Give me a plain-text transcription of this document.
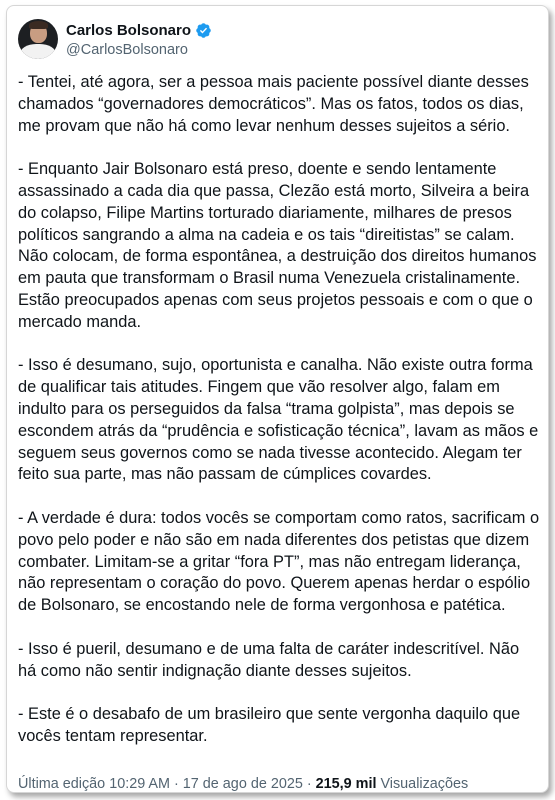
Carlos Bolsonaro
@CarlosBolsonaro

- Tentei, até agora, ser a pessoa mais paciente possível diante desses chamados “governadores democráticos”. Mas os fatos, todos os dias, me provam que não há como levar nenhum desses sujeitos a sério.

- Enquanto Jair Bolsonaro está preso, doente e sendo lentamente assassinado a cada dia que passa, Clezão está morto, Silveira a beira do colapso, Filipe Martins torturado diariamente, milhares de presos políticos sangrando a alma na cadeia e os tais “direitistas” se calam. Não colocam, de forma espontânea, a destruição dos direitos humanos em pauta que transformam o Brasil numa Venezuela cristalinamente. Estão preocupados apenas com seus projetos pessoais e com o que o mercado manda.

- Isso é desumano, sujo, oportunista e canalha. Não existe outra forma de qualificar tais atitudes. Fingem que vão resolver algo, falam em indulto para os perseguidos da falsa “trama golpista”, mas depois se escondem atrás da “prudência e sofisticação técnica”, lavam as mãos e seguem seus governos como se nada tivesse acontecido. Alegam ter feito sua parte, mas não passam de cúmplices covardes.

- A verdade é dura: todos vocês se comportam como ratos, sacrificam o povo pelo poder e não são em nada diferentes dos petistas que dizem combater. Limitam-se a gritar “fora PT”, mas não entregam liderança, não representam o coração do povo. Querem apenas herdar o espólio de Bolsonaro, se encostando nele de forma vergonhosa e patética.

- Isso é pueril, desumano e de uma falta de caráter indescritível. Não há como não sentir indignação diante desses sujeitos.

- Este é o desabafo de um brasileiro que sente vergonha daquilo que vocês tentam representar.

Última edição 10:29 AM · 17 de ago de 2025 · 215,9 mil Visualizações
